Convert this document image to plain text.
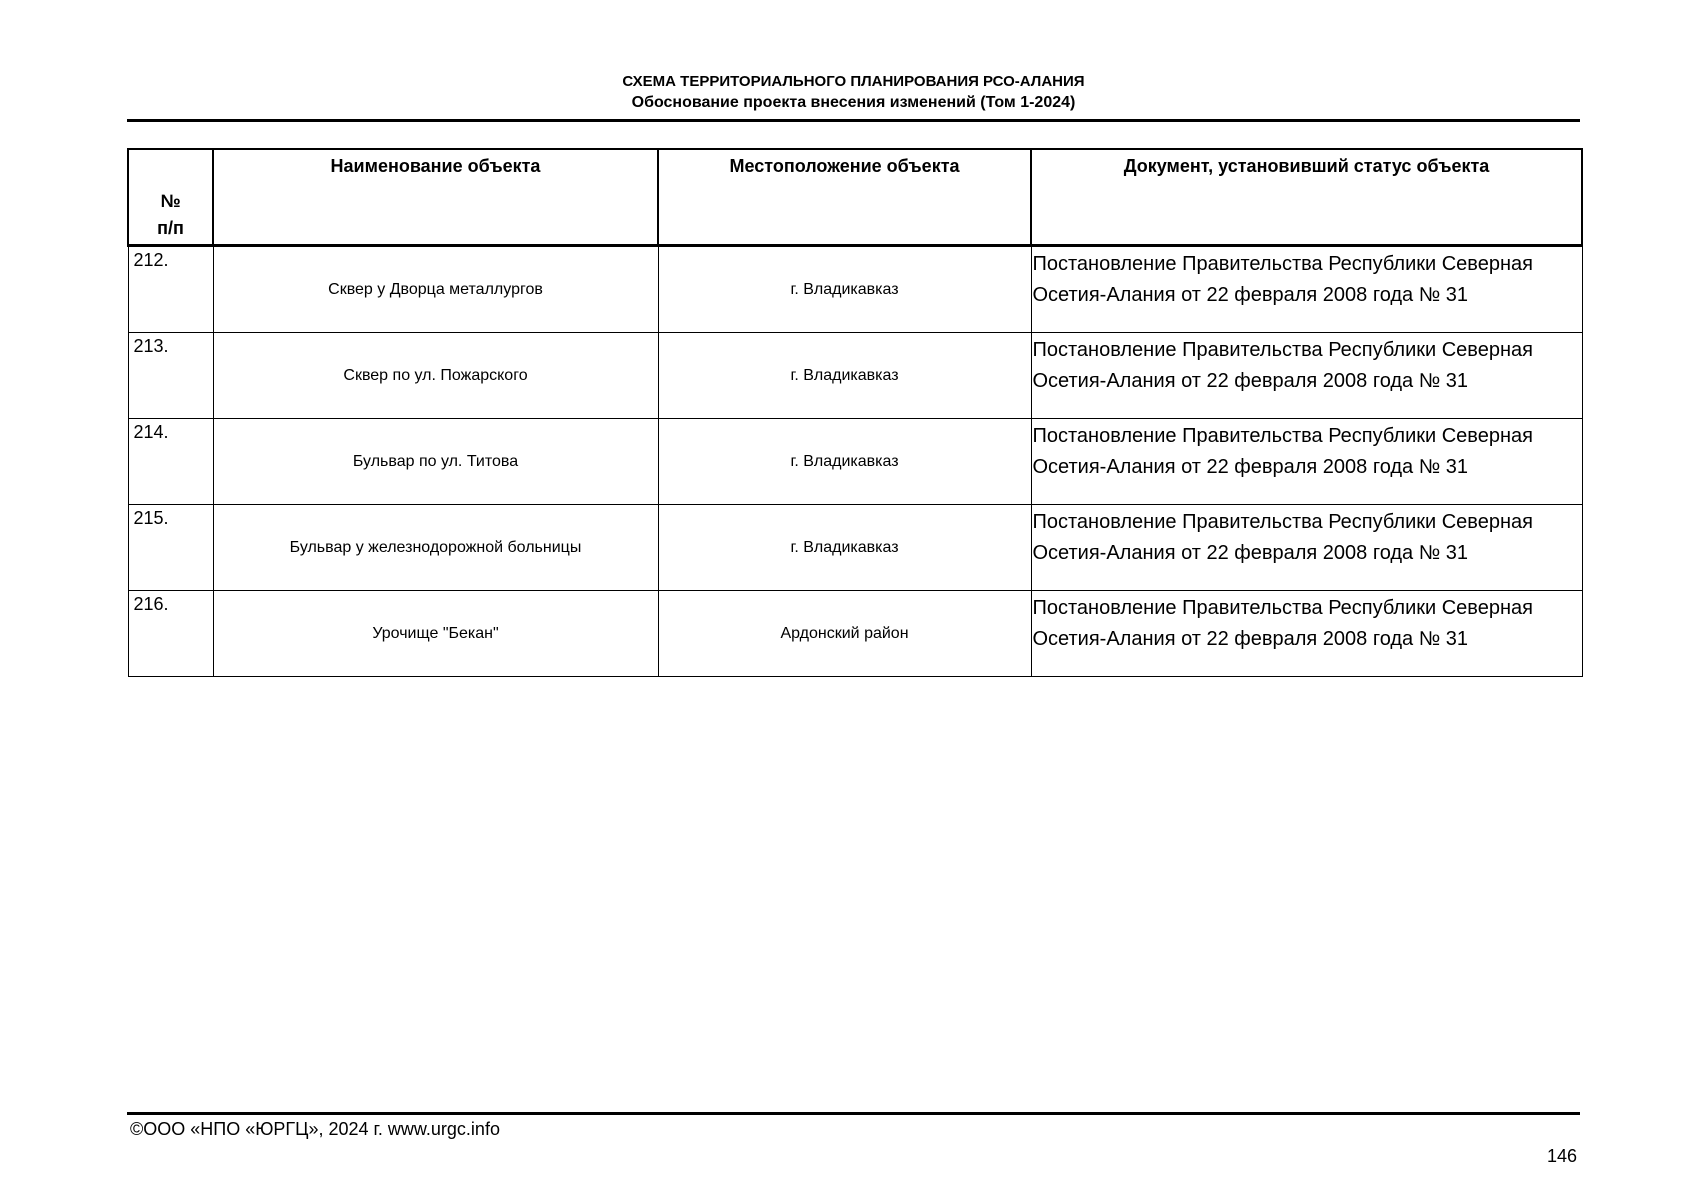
СХЕМА ТЕРРИТОРИАЛЬНОГО ПЛАНИРОВАНИЯ РСО-АЛАНИЯ
Обоснование проекта внесения изменений (Том 1-2024)
№
п/п	Наименование объекта	Местоположение объекта	Документ, установивший статус объекта
212.	Сквер у Дворца металлургов	г. Владикавказ	Постановление Правительства Республики Северная Осетия-Алания от 22 февраля 2008 года № 31
213.	Сквер по ул. Пожарского	г. Владикавказ	Постановление Правительства Республики Северная Осетия-Алания от 22 февраля 2008 года № 31
214.	Бульвар по ул. Титова	г. Владикавказ	Постановление Правительства Республики Северная Осетия-Алания от 22 февраля 2008 года № 31
215.	Бульвар у железнодорожной больницы	г. Владикавказ	Постановление Правительства Республики Северная Осетия-Алания от 22 февраля 2008 года № 31
216.	Урочище "Бекан"	Ардонский район	Постановление Правительства Республики Северная Осетия-Алания от 22 февраля 2008 года № 31
©ООО «НПО «ЮРГЦ», 2024 г. www.urgc.info
146
